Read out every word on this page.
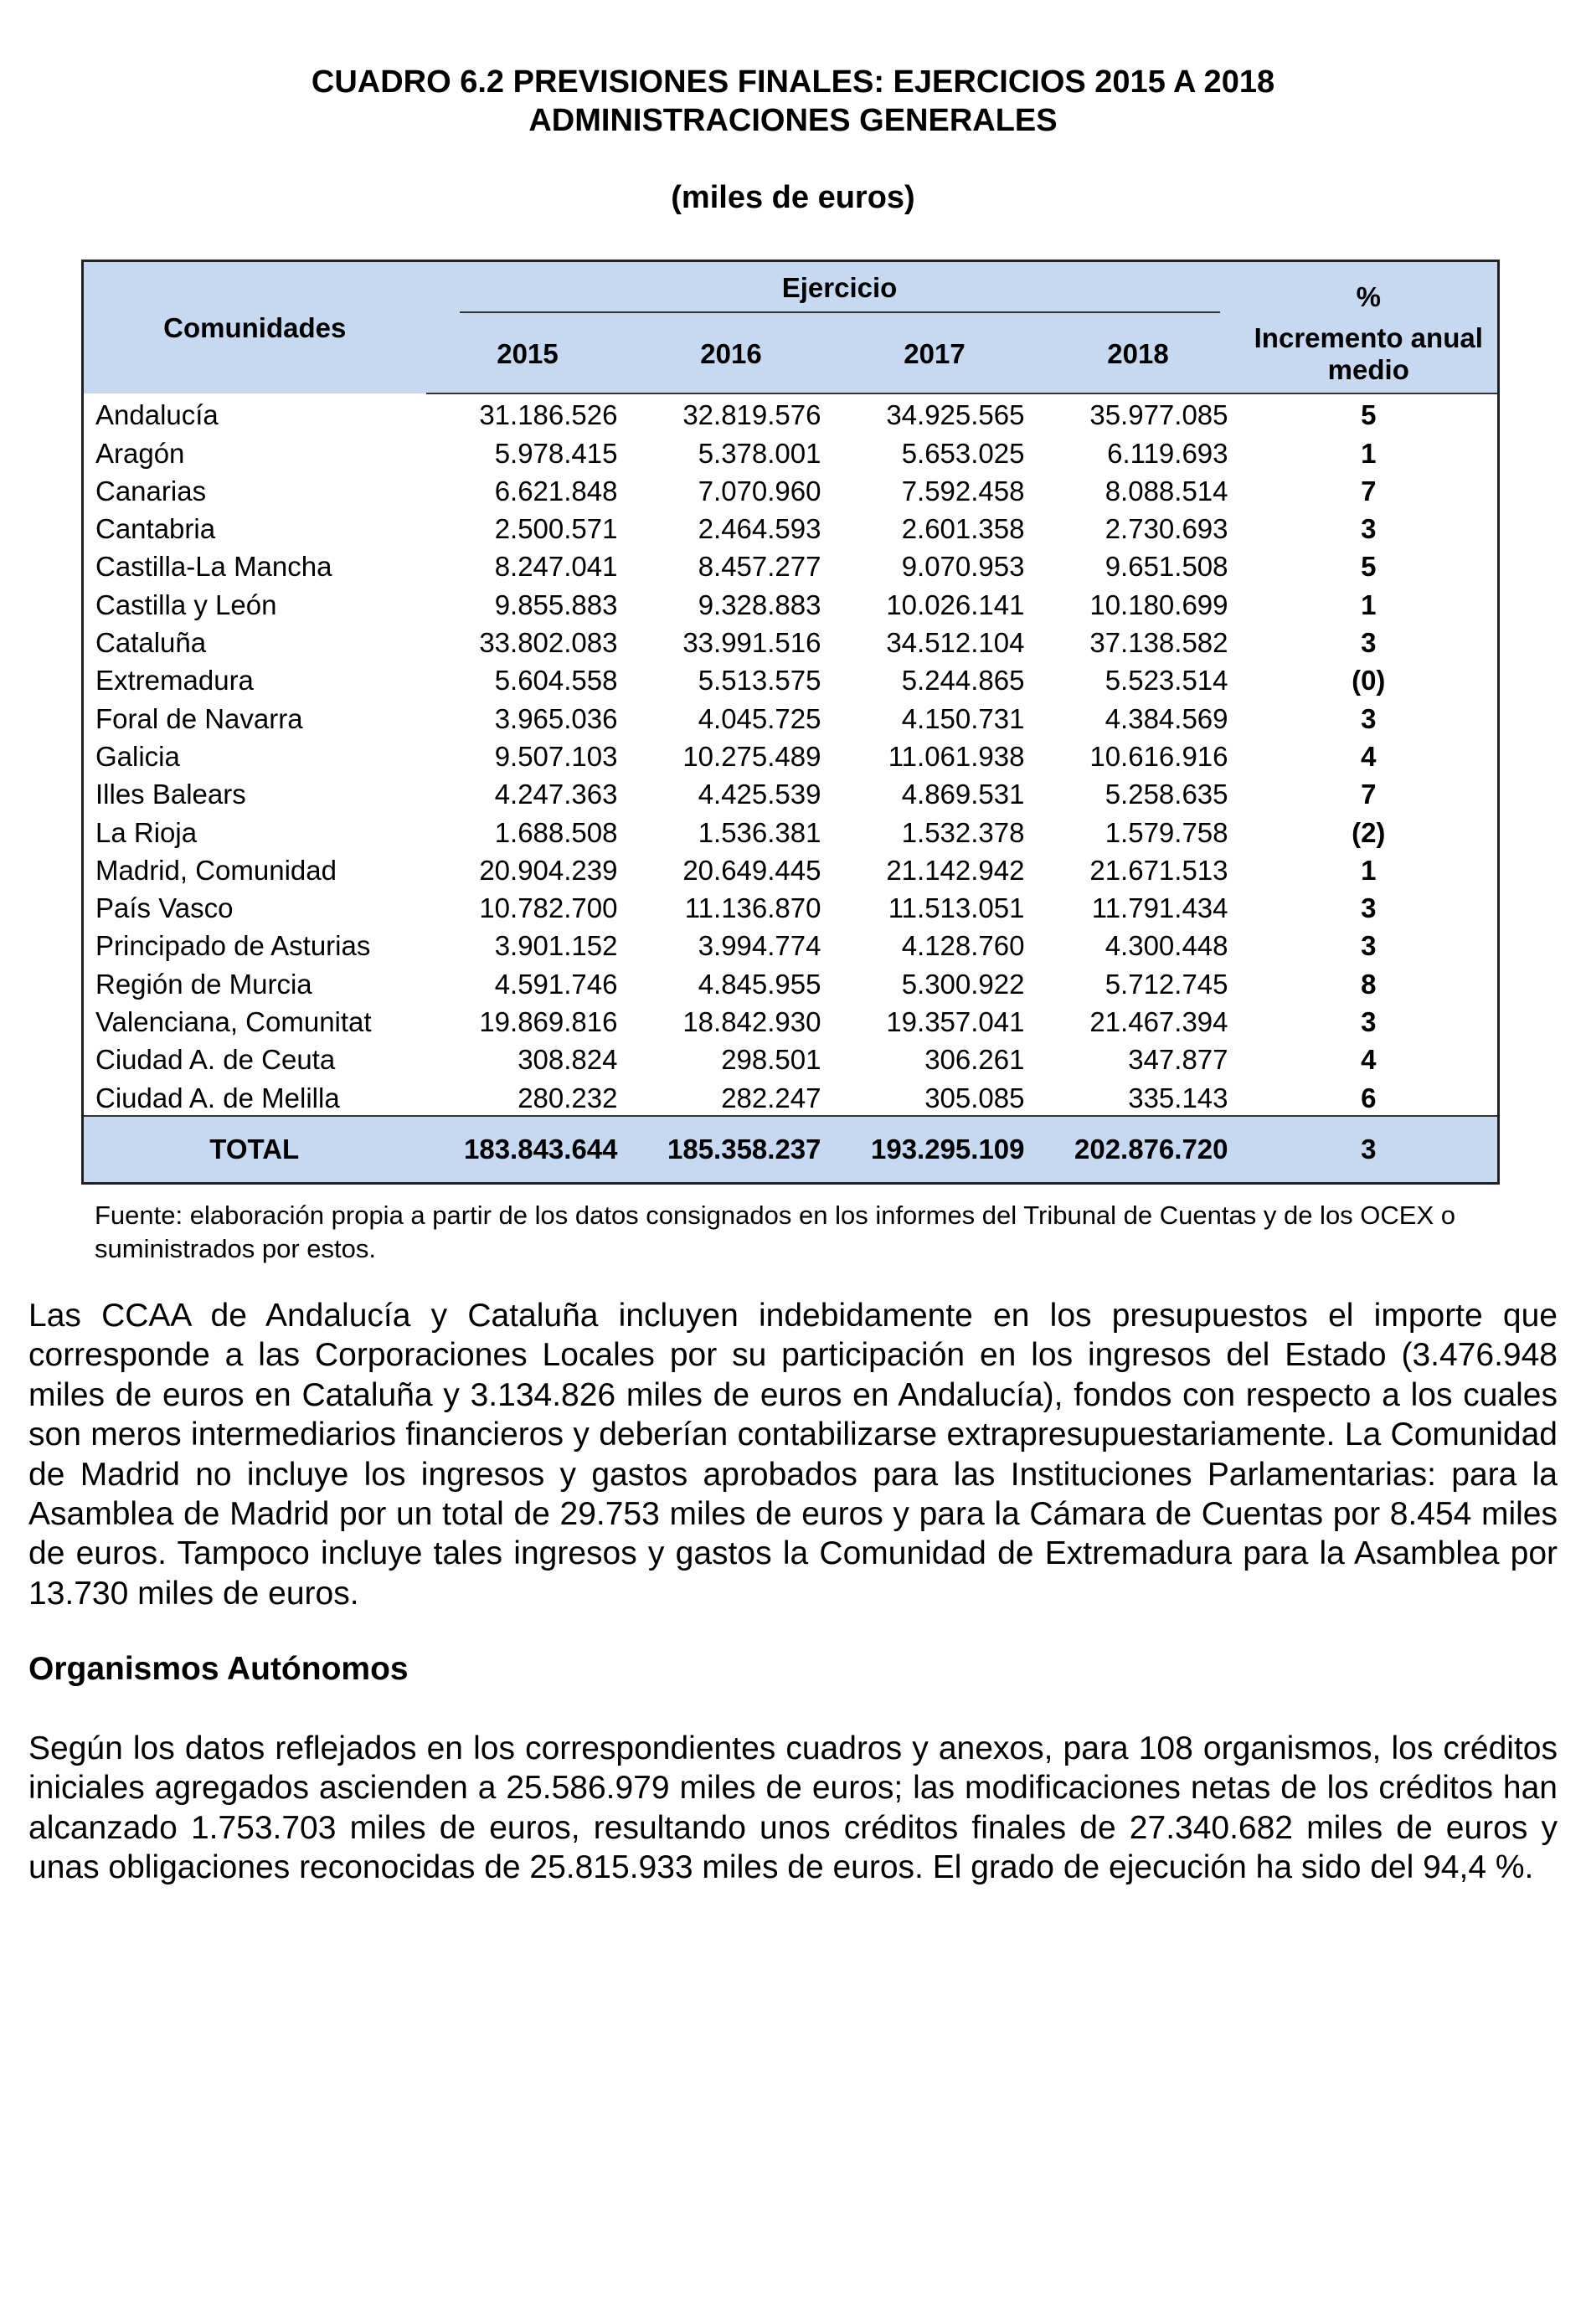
CUADRO 6.2 PREVISIONES FINALES: EJERCICIOS 2015 A 2018
ADMINISTRACIONES GENERALES
(miles de euros)
Comunidades	Ejercicio				%
	2015	2016	2017	2018	Incremento anual medio
Andalucía	31.186.526	32.819.576	34.925.565	35.977.085	5
Aragón	5.978.415	5.378.001	5.653.025	6.119.693	1
Canarias	6.621.848	7.070.960	7.592.458	8.088.514	7
Cantabria	2.500.571	2.464.593	2.601.358	2.730.693	3
Castilla-La Mancha	8.247.041	8.457.277	9.070.953	9.651.508	5
Castilla y León	9.855.883	9.328.883	10.026.141	10.180.699	1
Cataluña	33.802.083	33.991.516	34.512.104	37.138.582	3
Extremadura	5.604.558	5.513.575	5.244.865	5.523.514	(0)
Foral de Navarra	3.965.036	4.045.725	4.150.731	4.384.569	3
Galicia	9.507.103	10.275.489	11.061.938	10.616.916	4
Illes Balears	4.247.363	4.425.539	4.869.531	5.258.635	7
La Rioja	1.688.508	1.536.381	1.532.378	1.579.758	(2)
Madrid, Comunidad	20.904.239	20.649.445	21.142.942	21.671.513	1
País Vasco	10.782.700	11.136.870	11.513.051	11.791.434	3
Principado de Asturias	3.901.152	3.994.774	4.128.760	4.300.448	3
Región de Murcia	4.591.746	4.845.955	5.300.922	5.712.745	8
Valenciana, Comunitat	19.869.816	18.842.930	19.357.041	21.467.394	3
Ciudad A. de Ceuta	308.824	298.501	306.261	347.877	4
Ciudad A. de Melilla	280.232	282.247	305.085	335.143	6
TOTAL	183.843.644	185.358.237	193.295.109	202.876.720	3
Fuente: elaboración propia a partir de los datos consignados en los informes del Tribunal de Cuentas y de los OCEX o suministrados por estos.
Las CCAA de Andalucía y Cataluña incluyen indebidamente en los presupuestos el importe que corresponde a las Corporaciones Locales por su participación en los ingresos del Estado (3.476.948 miles de euros en Cataluña y 3.134.826 miles de euros en Andalucía), fondos con respecto a los cuales son meros intermediarios financieros y deberían contabilizarse extrapresupuestariamente. La Comunidad de Madrid no incluye los ingresos y gastos aprobados para las Instituciones Parlamentarias: para la Asamblea de Madrid por un total de 29.753 miles de euros y para la Cámara de Cuentas por 8.454 miles de euros. Tampoco incluye tales ingresos y gastos la Comunidad de Extremadura para la Asamblea por 13.730 miles de euros.
Organismos Autónomos
Según los datos reflejados en los correspondientes cuadros y anexos, para 108 organismos, los créditos iniciales agregados ascienden a 25.586.979 miles de euros; las modificaciones netas de los créditos han alcanzado 1.753.703 miles de euros, resultando unos créditos finales de 27.340.682 miles de euros y unas obligaciones reconocidas de 25.815.933 miles de euros. El grado de ejecución ha sido del 94,4 %.
